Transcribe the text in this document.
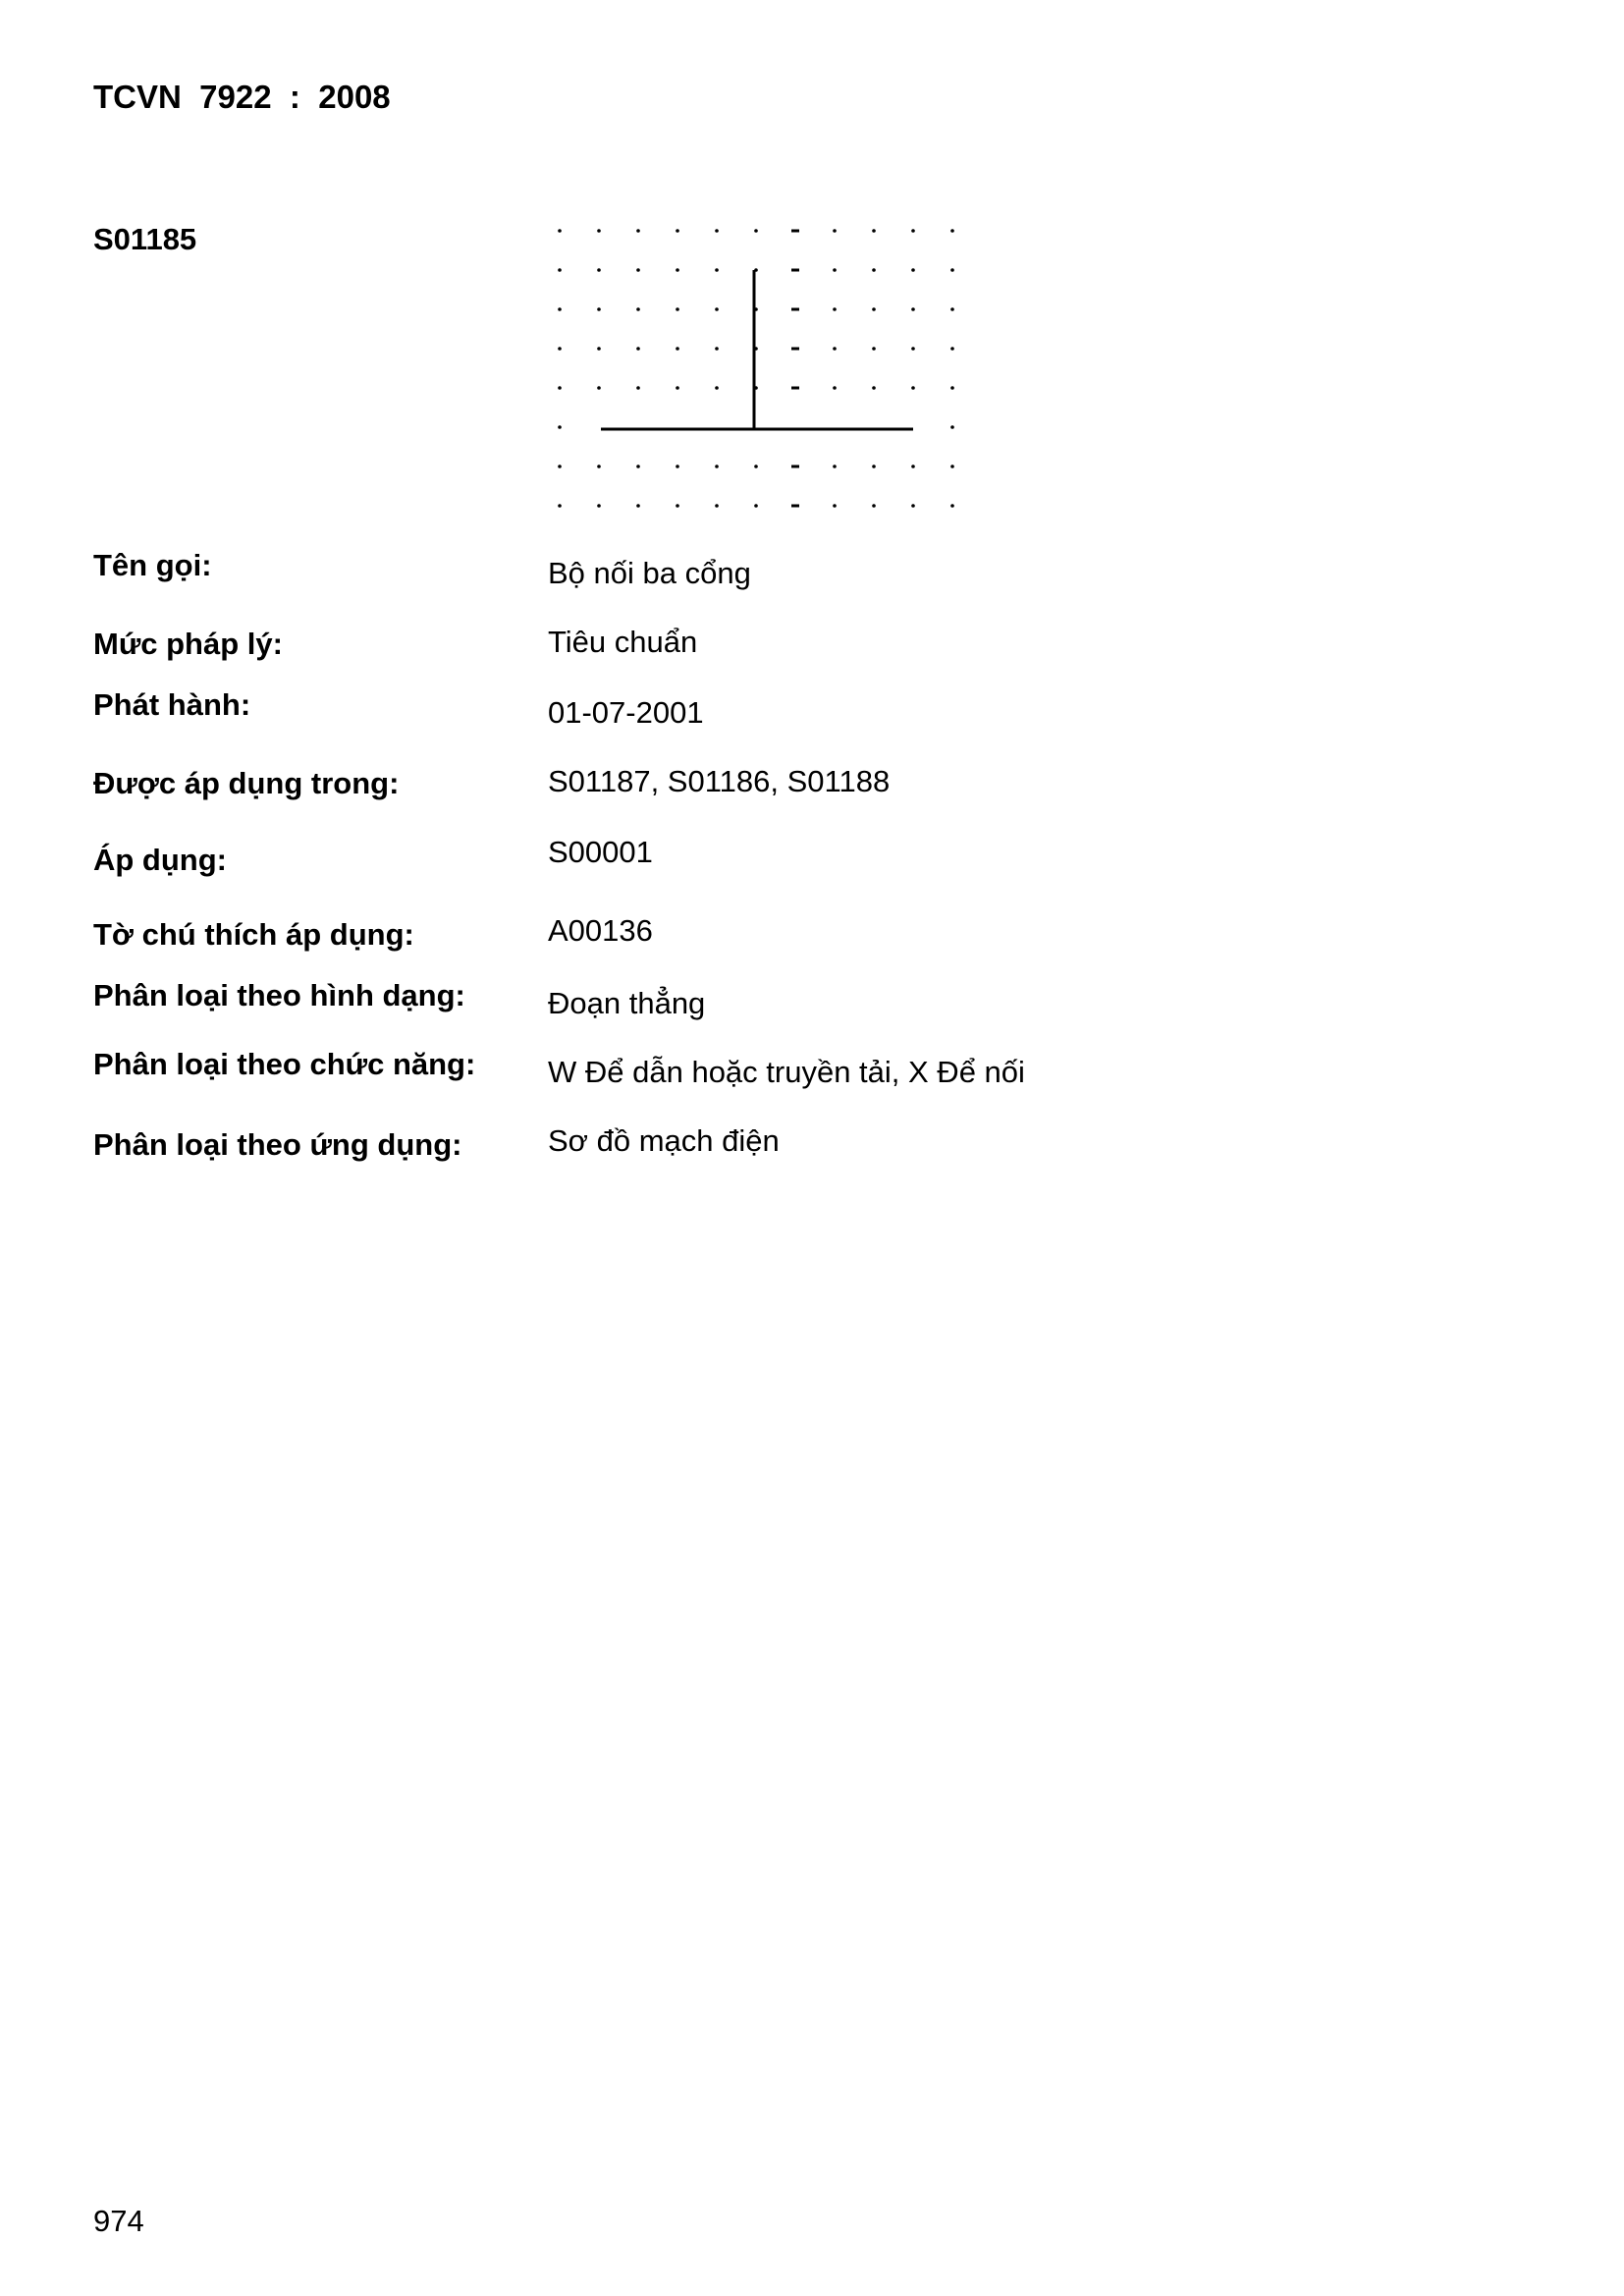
TCVN  7922  :  2008
S01185
Tên gọi:	Bộ nối ba cổng
Mức pháp lý:	Tiêu chuẩn
Phát hành:	01-07-2001
Được áp dụng trong:	S01187, S01186, S01188
Áp dụng:	S00001
Tờ chú thích áp dụng:	A00136
Phân loại theo hình dạng:	Đoạn thẳng
Phân loại theo chức năng: W Để dẫn hoặc truyền tải, X Để nối
Phân loại theo ứng dụng:	Sơ đồ mạch điện
974
